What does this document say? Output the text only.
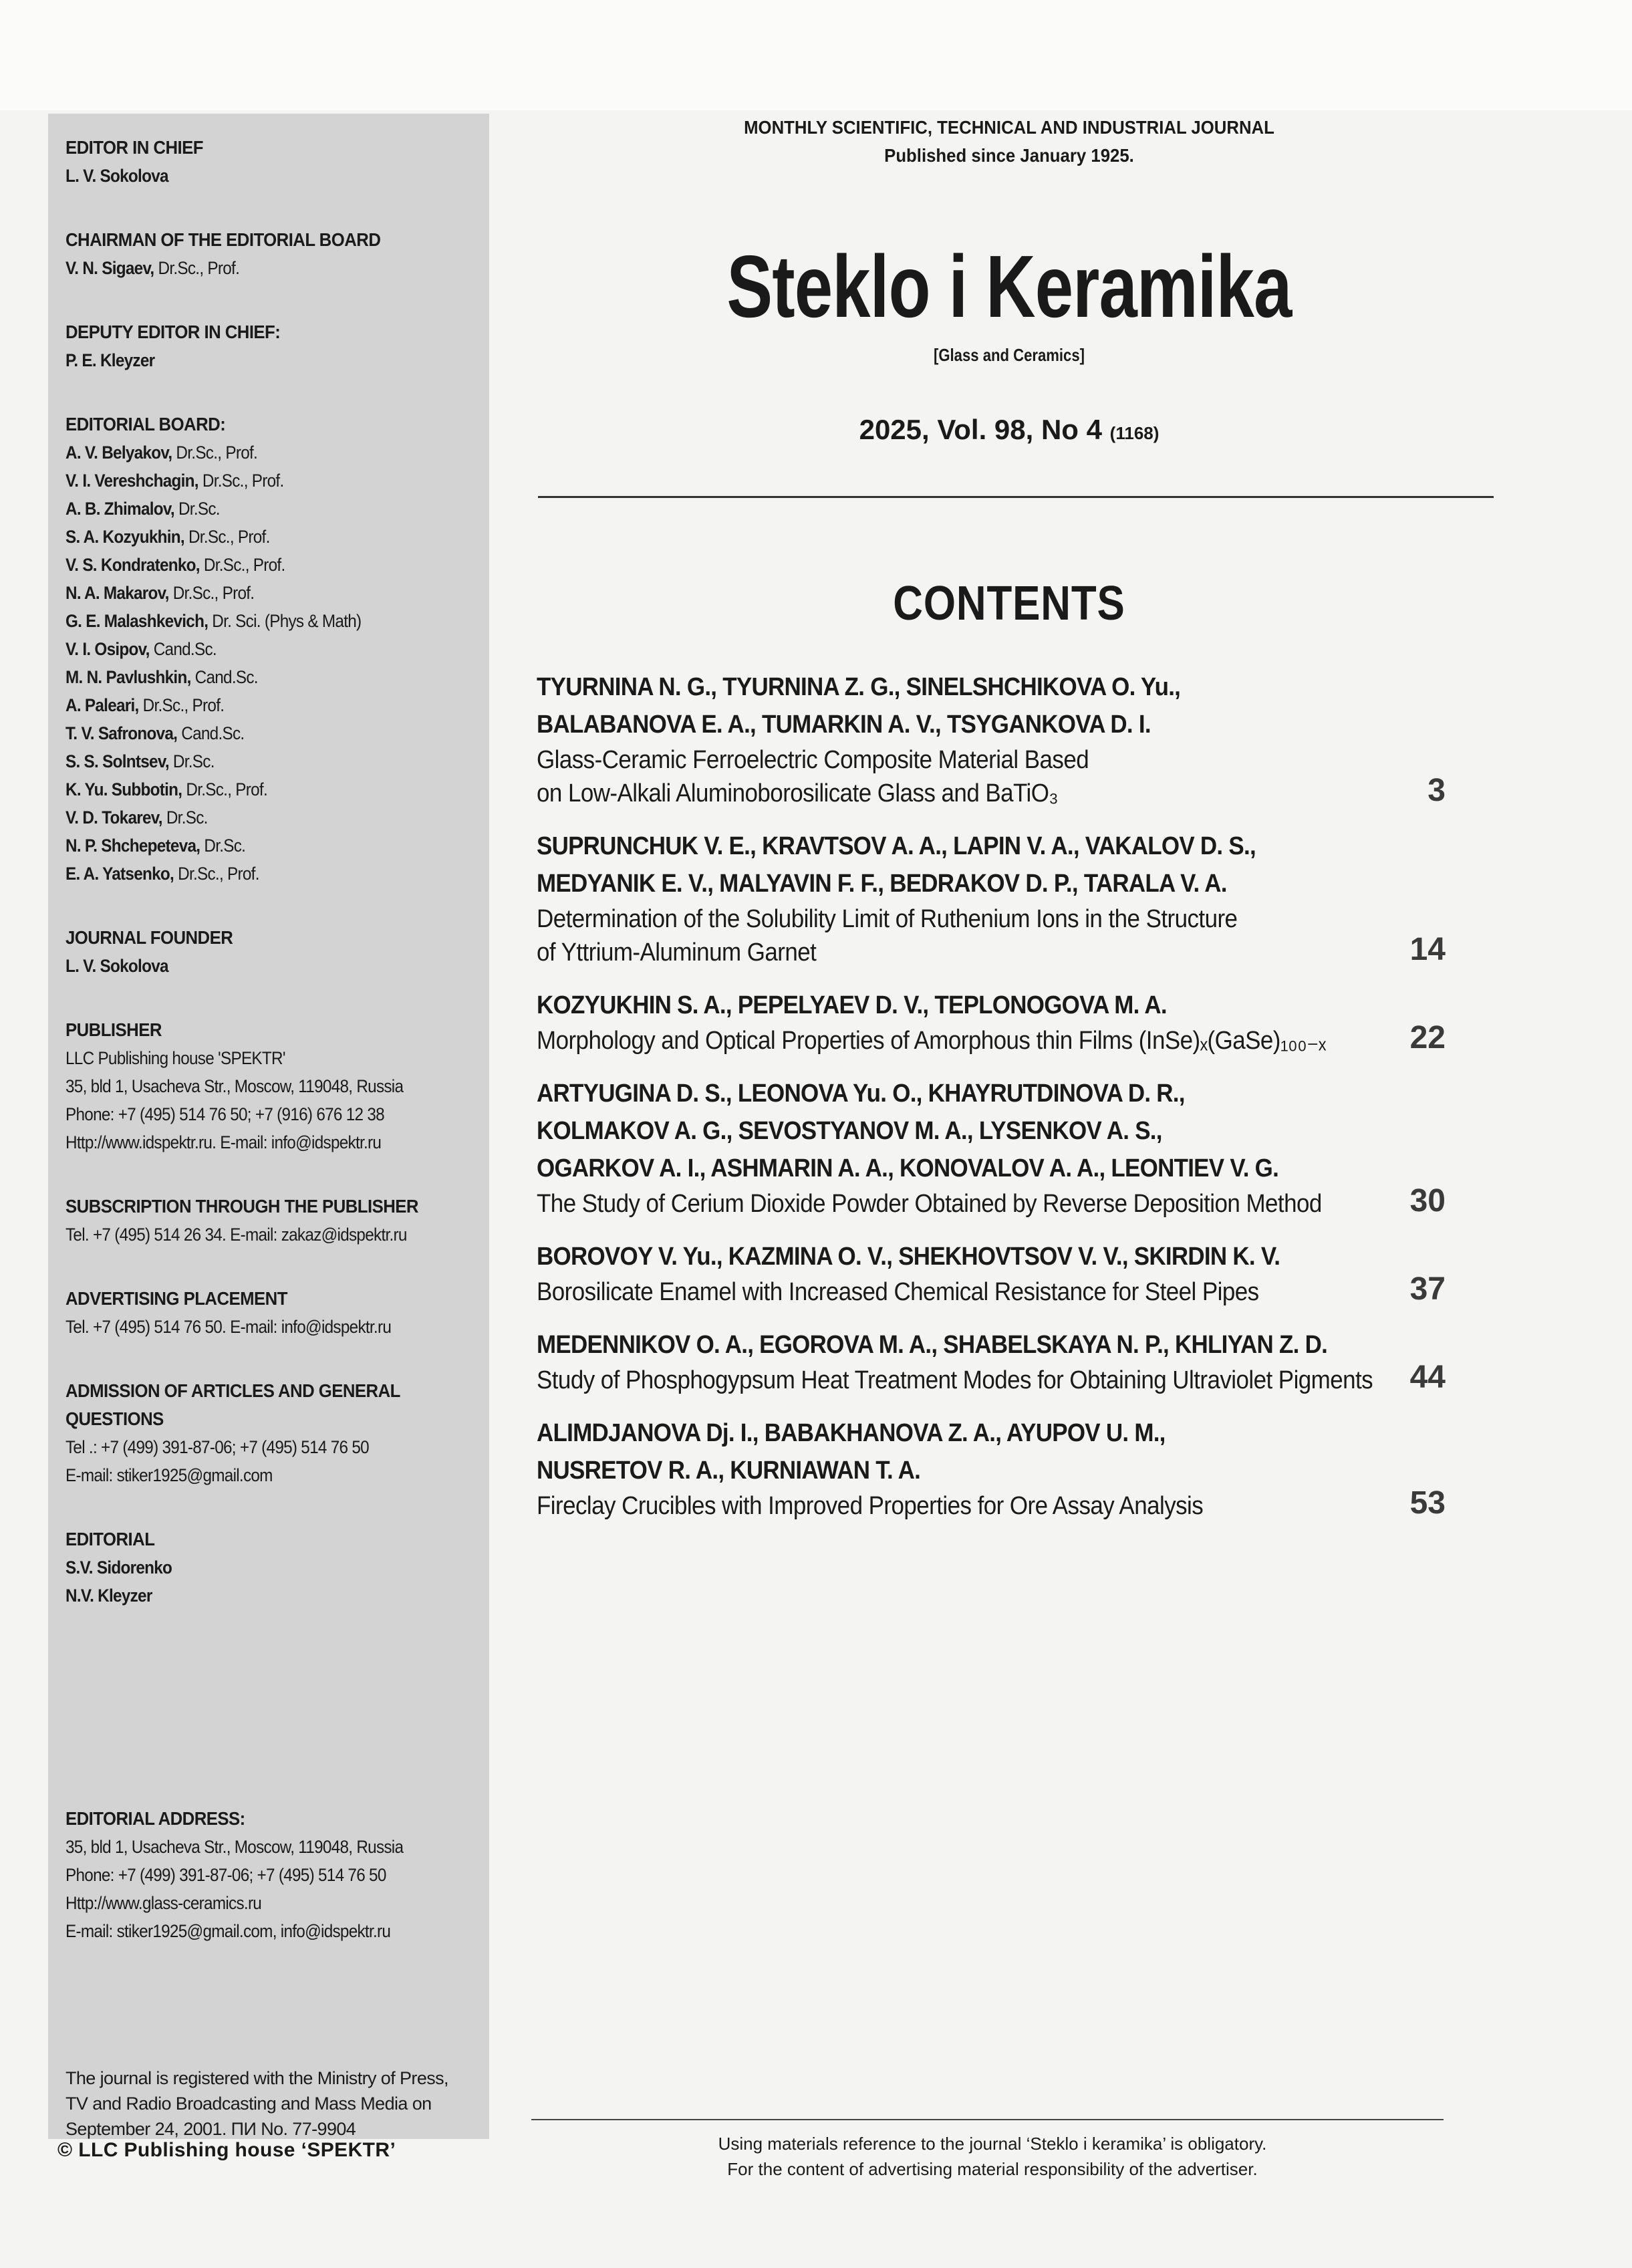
EDITOR IN CHIEF
L. V. Sokolova
CHAIRMAN OF THE EDITORIAL BOARD
V. N. Sigaev, Dr.Sc., Prof.
DEPUTY EDITOR IN CHIEF:
P. E. Kleyzer
EDITORIAL BOARD:
A. V. Belyakov, Dr.Sc., Prof.
V. I. Vereshchagin, Dr.Sc., Prof.
A. B. Zhimalov, Dr.Sc.
S. A. Kozyukhin, Dr.Sc., Prof.
V. S. Kondratenko, Dr.Sc., Prof.
N. A. Makarov, Dr.Sc., Prof.
G. E. Malashkevich, Dr. Sci. (Phys & Math)
V. I. Osipov, Cand.Sc.
M. N. Pavlushkin, Cand.Sc.
A. Paleari, Dr.Sc., Prof.
T. V. Safronova, Cand.Sc.
S. S. Solntsev, Dr.Sc.
K. Yu. Subbotin, Dr.Sc., Prof.
V. D. Tokarev, Dr.Sc.
N. P. Shchepeteva, Dr.Sc.
E. A. Yatsenko, Dr.Sc., Prof.
JOURNAL FOUNDER
L. V. Sokolova
PUBLISHER
LLC Publishing house 'SPEKTR'
35, bld 1, Usacheva Str., Moscow, 119048, Russia
Phone: +7 (495) 514 76 50; +7 (916) 676 12 38
Http://www.idspektr.ru. E-mail: info@idspektr.ru
SUBSCRIPTION THROUGH THE PUBLISHER
Tel. +7 (495) 514 26 34. E-mail: zakaz@idspektr.ru
ADVERTISING PLACEMENT
Tel. +7 (495) 514 76 50. E-mail: info@idspektr.ru
ADMISSION OF ARTICLES AND GENERAL QUESTIONS
Tel .: +7 (499) 391-87-06; +7 (495) 514 76 50
E-mail: stiker1925@gmail.com
EDITORIAL
S.V. Sidorenko
N.V. Kleyzer
EDITORIAL ADDRESS:
35, bld 1, Usacheva Str., Moscow, 119048, Russia
Phone: +7 (499) 391-87-06; +7 (495) 514 76 50
Http://www.glass-ceramics.ru
E-mail: stiker1925@gmail.com, info@idspektr.ru
The journal is registered with the Ministry of Press, TV and Radio Broadcasting and Mass Media on September 24, 2001. ПИ No. 77-9904
© LLC Publishing house ‘SPEKTR’
MONTHLY SCIENTIFIC, TECHNICAL AND INDUSTRIAL JOURNAL
Published since January 1925.
Steklo i Keramika
[Glass and Ceramics]
2025, Vol. 98, No 4 (1168)
CONTENTS
TYURNINA N. G., TYURNINA Z. G., SINELSHCHIKOVA O. Yu.,
BALABANOVA E. A., TUMARKIN A. V., TSYGANKOVA D. I.
Glass-Ceramic Ferroelectric Composite Material Based
on Low-Alkali Aluminoborosilicate Glass and BaTiO₃	3
SUPRUNCHUK V. E., KRAVTSOV A. A., LAPIN V. A., VAKALOV D. S.,
MEDYANIK E. V., MALYAVIN F. F., BEDRAKOV D. P., TARALA V. A.
Determination of the Solubility Limit of Ruthenium Ions in the Structure
of Yttrium-Aluminum Garnet	14
KOZYUKHIN S. A., PEPELYAEV D. V., TEPLONOGOVA M. A.
Morphology and Optical Properties of Amorphous thin Films (InSe)ₓ(GaSe)₁₀₀₋ₓ	22
ARTYUGINA D. S., LEONOVA Yu. O., KHAYRUTDINOVA D. R.,
KOLMAKOV A. G., SEVOSTYANOV M. A., LYSENKOV A. S.,
OGARKOV A. I., ASHMARIN A. A., KONOVALOV A. A., LEONTIEV V. G.
The Study of Cerium Dioxide Powder Obtained by Reverse Deposition Method	30
BOROVOY V. Yu., KAZMINA O. V., SHEKHOVTSOV V. V., SKIRDIN K. V.
Borosilicate Enamel with Increased Chemical Resistance for Steel Pipes	37
MEDENNIKOV O. A., EGOROVA M. A., SHABELSKAYA N. P., KHLIYAN Z. D.
Study of Phosphogypsum Heat Treatment Modes for Obtaining Ultraviolet Pigments 44
ALIMDJANOVA Dj. I., BABAKHANOVA Z. A., AYUPOV U. M.,
NUSRETOV R. A., KURNIAWAN T. A.
Fireclay Crucibles with Improved Properties for Ore Assay Analysis	53
Using materials reference to the journal ‘Steklo i keramika’ is obligatory.
For the content of advertising material responsibility of the advertiser.
